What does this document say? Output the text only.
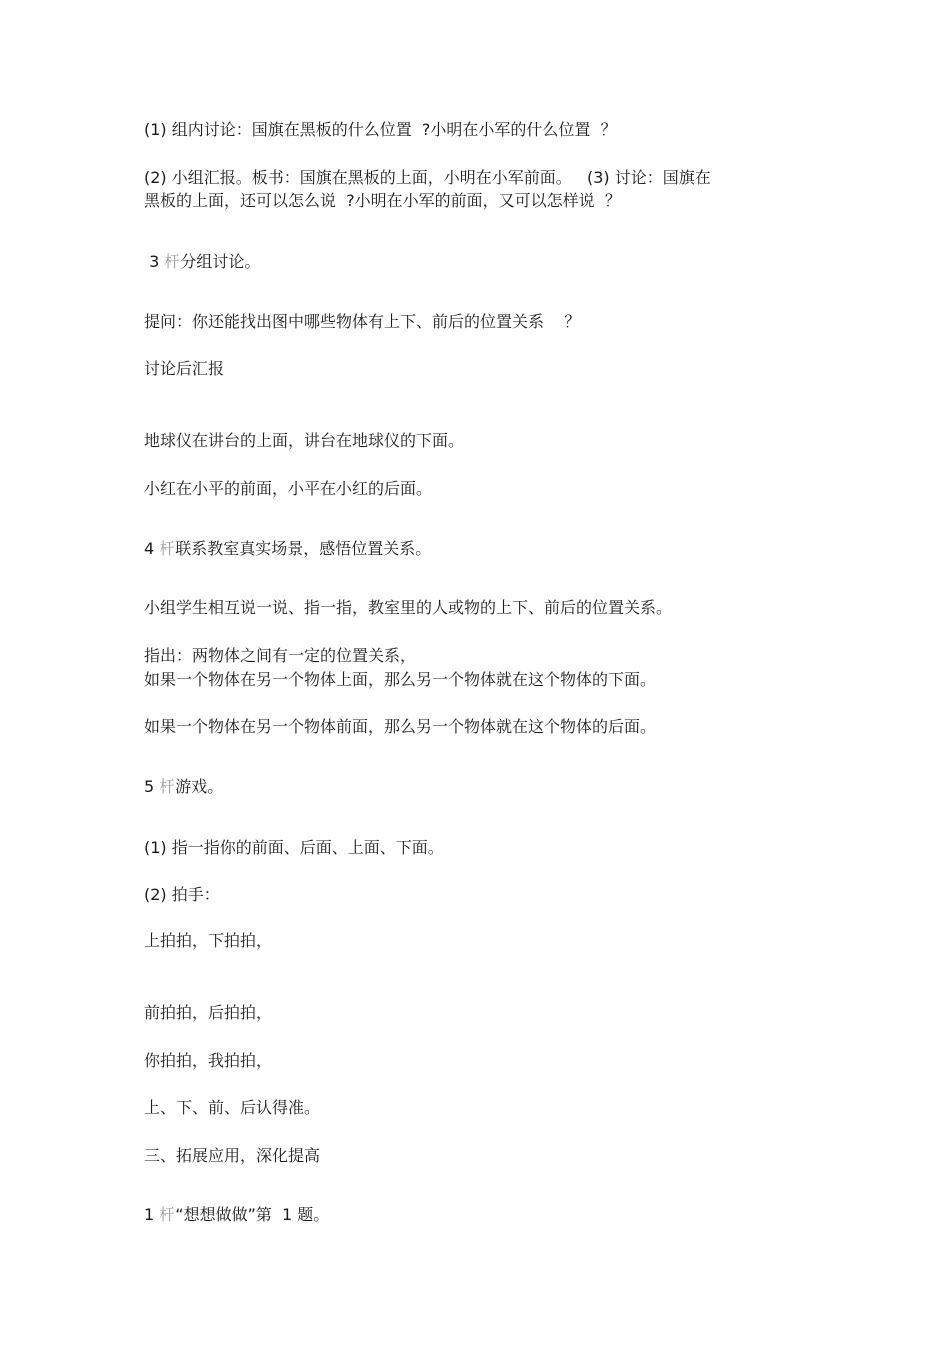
(1) 组内讨论：国旗在黑板的什么位置  ?小明在小军的什么位置  ？

(2) 小组汇报。板书：国旗在黑板的上面，小明在小军前面。   (3) 讨论：国旗在

黑板的上面，还可以怎么说  ?小明在小军的前面，又可以怎样说  ？

3 杆分组讨论。

提问：你还能找出图中哪些物体有上下、前后的位置关系    ？

讨论后汇报

地球仪在讲台的上面，讲台在地球仪的下面。

小红在小平的前面，小平在小红的后面。

4 杆联系教室真实场景，感悟位置关系。

小组学生相互说一说、指一指，教室里的人或物的上下、前后的位置关系。

指出：两物体之间有一定的位置关系，

如果一个物体在另一个物体上面，那么另一个物体就在这个物体的下面。

如果一个物体在另一个物体前面，那么另一个物体就在这个物体的后面。

5 杆游戏。

(1) 指一指你的前面、后面、上面、下面。

(2) 拍手：

上拍拍，下拍拍，

前拍拍，后拍拍，

你拍拍，我拍拍，

上、下、前、后认得准。

三、拓展应用，深化提高

1 杆“想想做做”第  1 题。
